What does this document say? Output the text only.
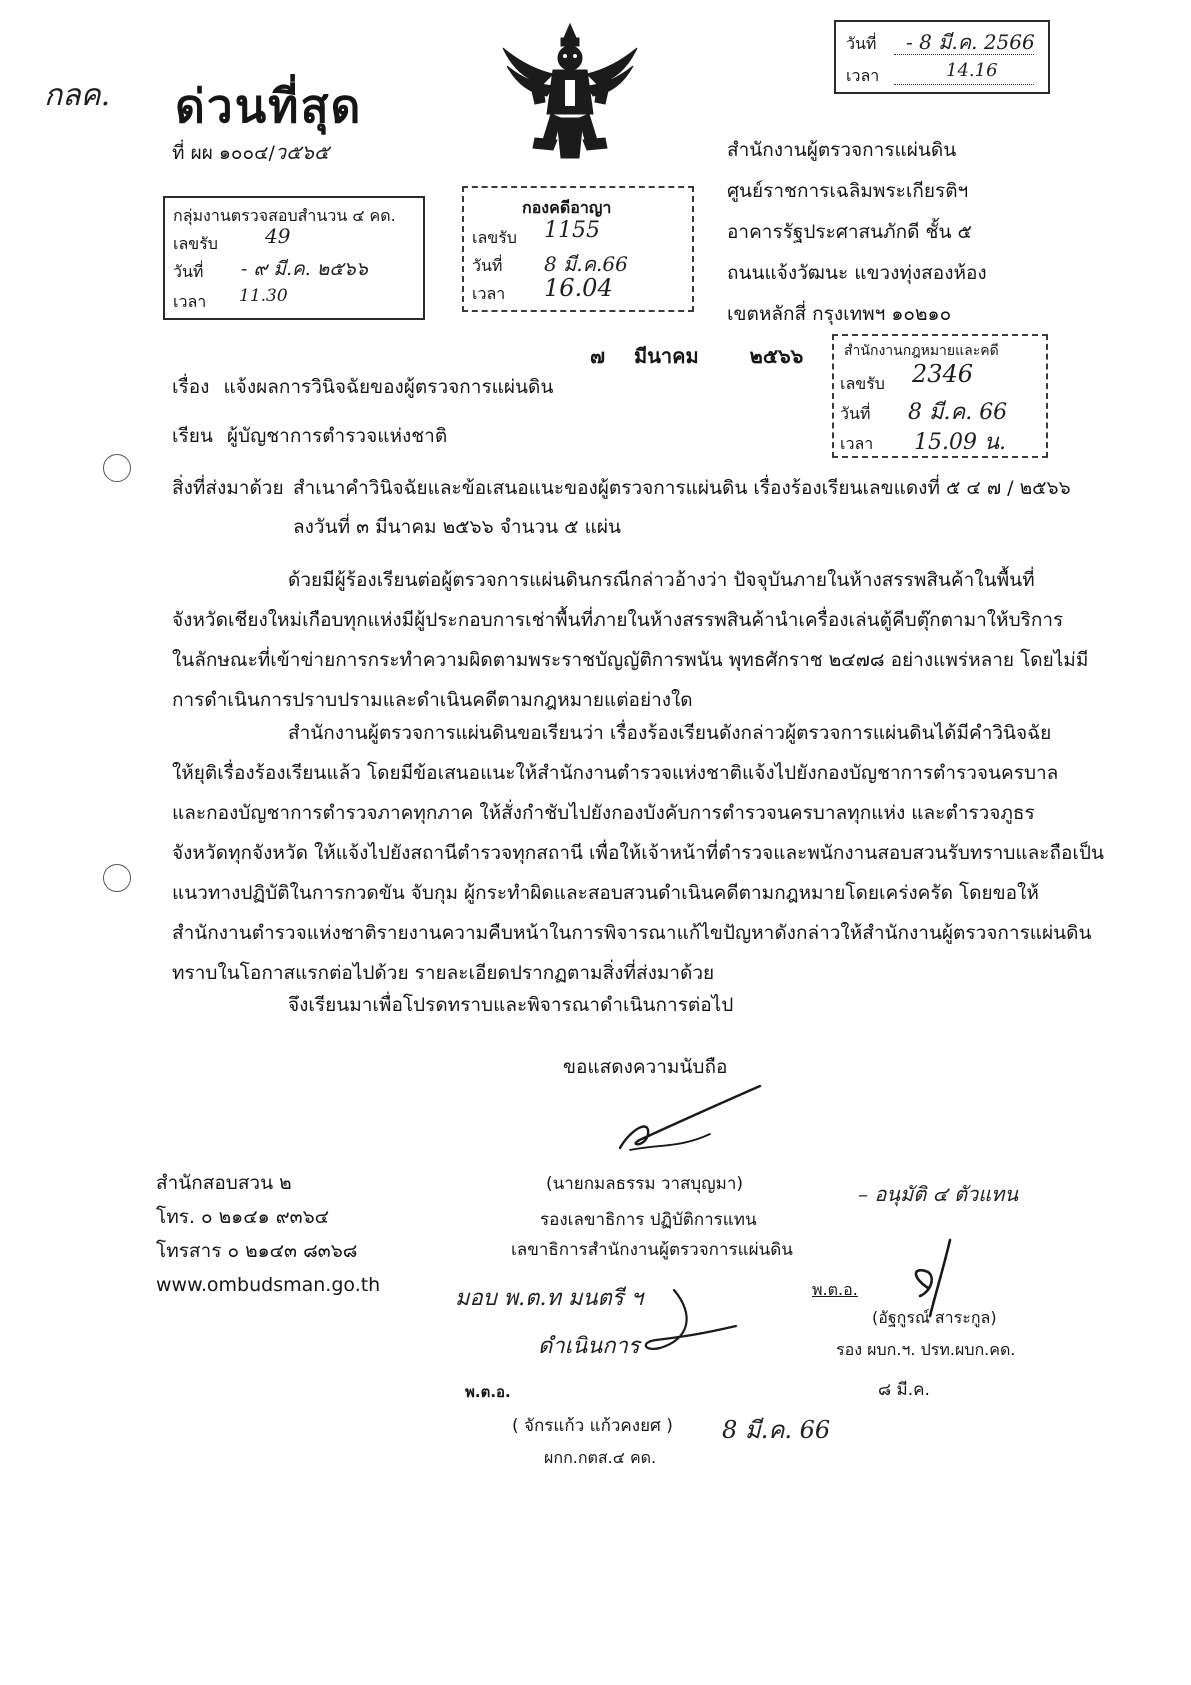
กลค. ด่วนที่สุด
ที่ ผผ ๑๐๐๔/ว๕๖๕
วันที่ - 8 มี.ค. 2566
เวลา	14.16
กลุ่มงานตรวจสอบสำนวน ๔ คด.
เลขรับ 49
วันที่ - ๙ มี.ค. ๒๕๖๖
เวลา 11.30
กองคดีอาญา
เลขรับ 1155
วันที่ 8 มี.ค.66
เวลา 16.04
สำนักงานผู้ตรวจการแผ่นดิน
ศูนย์ราชการเฉลิมพระเกียรติฯ
อาคารรัฐประศาสนภักดี ชั้น ๕
ถนนแจ้งวัฒนะ แขวงทุ่งสองห้อง
เขตหลักสี่ กรุงเทพฯ ๑๐๒๑๐
๗ มีนาคม	๒๕๖๖	สำนักงานกฎหมายและคดี
เลขรับ 2346
วันที่ 8 มี.ค. 66
เวลา 15.09 น.
เรื่อง แจ้งผลการวินิจฉัยของผู้ตรวจการแผ่นดิน
เรียน ผู้บัญชาการตำรวจแห่งชาติ
สิ่งที่ส่งมาด้วย สำเนาคำวินิจฉัยและข้อเสนอแนะของผู้ตรวจการแผ่นดิน เรื่องร้องเรียนเลขแดงที่ ๕ ๔ ๗ / ๒๕๖๖
ลงวันที่ ๓ มีนาคม ๒๕๖๖ จำนวน ๕ แผ่น
ด้วยมีผู้ร้องเรียนต่อผู้ตรวจการแผ่นดินกรณีกล่าวอ้างว่า ปัจจุบันภายในห้างสรรพสินค้าในพื้นที่
จังหวัดเชียงใหม่เกือบทุกแห่งมีผู้ประกอบการเช่าพื้นที่ภายในห้างสรรพสินค้านำเครื่องเล่นตู้คีบตุ๊กตามาให้บริการ
ในลักษณะที่เข้าข่ายการกระทำความผิดตามพระราชบัญญัติการพนัน พุทธศักราช ๒๔๗๘ อย่างแพร่หลาย โดยไม่มี
การดำเนินการปราบปรามและดำเนินคดีตามกฎหมายแต่อย่างใด
สำนักงานผู้ตรวจการแผ่นดินขอเรียนว่า เรื่องร้องเรียนดังกล่าวผู้ตรวจการแผ่นดินได้มีคำวินิจฉัย
ให้ยุติเรื่องร้องเรียนแล้ว โดยมีข้อเสนอแนะให้สำนักงานตำรวจแห่งชาติแจ้งไปยังกองบัญชาการตำรวจนครบาล
และกองบัญชาการตำรวจภาคทุกภาค ให้สั่งกำชับไปยังกองบังคับการตำรวจนครบาลทุกแห่ง และตำรวจภูธร
จังหวัดทุกจังหวัด ให้แจ้งไปยังสถานีตำรวจทุกสถานี เพื่อให้เจ้าหน้าที่ตำรวจและพนักงานสอบสวนรับทราบและถือเป็น
แนวทางปฏิบัติในการกวดขัน จับกุม ผู้กระทำผิดและสอบสวนดำเนินคดีตามกฎหมายโดยเคร่งครัด โดยขอให้
สำนักงานตำรวจแห่งชาติรายงานความคืบหน้าในการพิจารณาแก้ไขปัญหาดังกล่าวให้สำนักงานผู้ตรวจการแผ่นดิน
ทราบในโอกาสแรกต่อไปด้วย รายละเอียดปรากฏตามสิ่งที่ส่งมาด้วย
จึงเรียนมาเพื่อโปรดทราบและพิจารณาดำเนินการต่อไป
ขอแสดงความนับถือ
(นายกมลธรรม วาสบุญมา)
รองเลขาธิการ ปฏิบัติการแทน
เลขาธิการสำนักงานผู้ตรวจการแผ่นดิน
สำนักสอบสวน ๒
โทร. ๐ ๒๑๔๑ ๙๓๖๔
โทรสาร ๐ ๒๑๔๓ ๘๓๖๘
www.ombudsman.go.th
– อนุมัติ ๔ ตัวแทน
พ.ต.อ.
(อัฐกูรณ์ สาระกูล)
รอง ผบก.ฯ. ปรท.ผบก.คด.
๘ มี.ค.
มอบ พ.ต.ท มนตรี ฯ
ดำเนินการ
พ.ต.อ.
( จักรแก้ว แก้วคงยศ )
ผกก.กตส.๔ คด.
8 มี.ค. 66
